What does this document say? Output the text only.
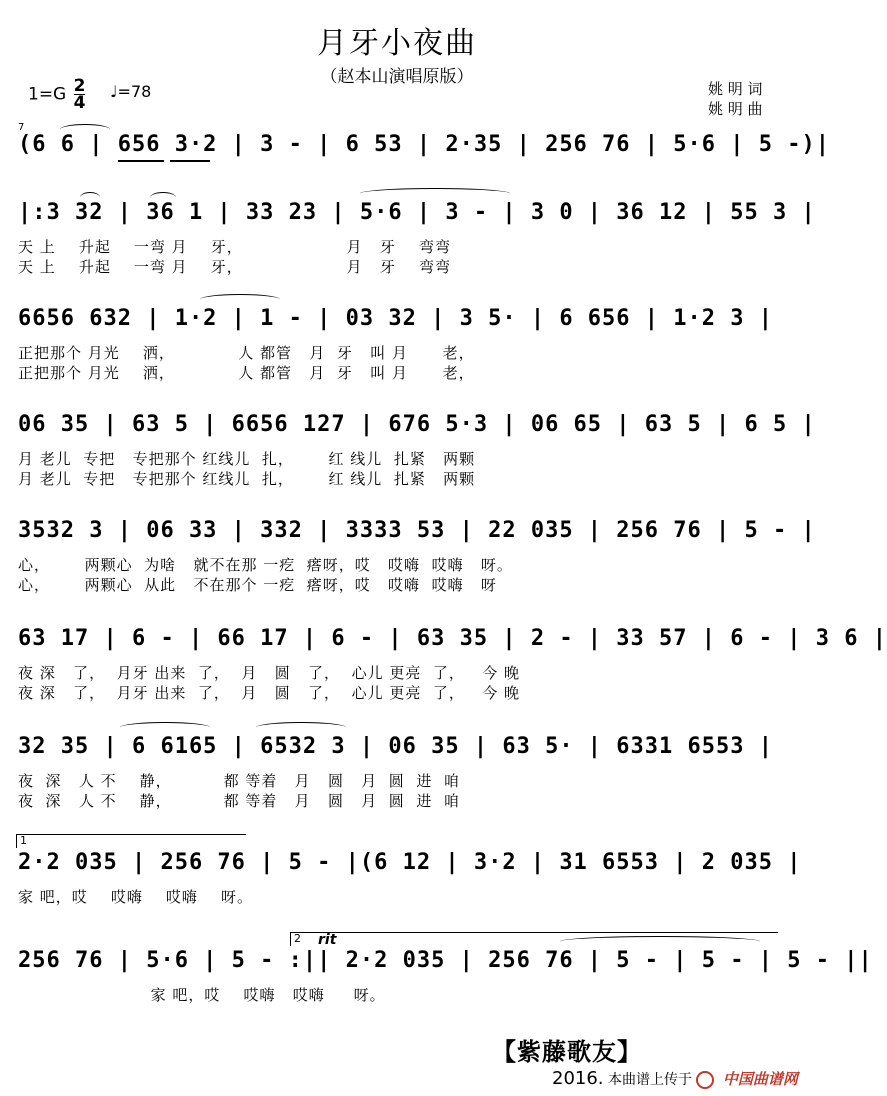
月牙小夜曲
（赵本山演唱原版）
$1=G \frac{2}{4}$ ♩=78	姚 明 词
姚 明 曲
7
(6 6 | 656 3·2 | 3 - | 6 53 | 2·35 | 256 76 | 5·6 | 5 -)|
|:3 32 | 36 1 | 33 23 | 5·6 | 3 - | 3 0 | 36 12 | 55 3 |
天 上    升起    一弯 月    牙，                  月   牙    弯弯
天 上    升起    一弯 月    牙，                  月   牙    弯弯
6656 632 | 1·2 | 1 - | 03 32 | 3 5· | 6 656 | 1·2 3 |
正把那个 月光    洒，           人 都管   月  牙   叫 月      老，
正把那个 月光    洒，           人 都管   月  牙   叫 月      老，
06 35 | 63 5 | 6656 127 | 676 5·3 | 06 65 | 63 5 | 6 5 |
月 老儿  专把   专把那个 红线儿  扎，      红 线儿  扎紧   两颗
月 老儿  专把   专把那个 红线儿  扎，      红 线儿  扎紧   两颗
3532 3 | 06 33 | 332 | 3333 53 | 22 035 | 256 76 | 5 - |
心，      两颗心  为啥   就不在那 一疙  瘩呀，哎   哎嗨  哎嗨   呀。
心，      两颗心  从此   不在那个 一疙  瘩呀，哎   哎嗨  哎嗨   呀
63 17 | 6 - | 66 17 | 6 - | 63 35 | 2 - | 33 57 | 6 - | 3 6 |
夜 深   了，  月牙 出来  了，  月   圆   了，  心儿 更亮  了，   今 晚
夜 深   了，  月牙 出来  了，  月   圆   了，  心儿 更亮  了，   今 晚
32 35 | 6 6165 | 6532 3 | 06 35 | 63 5· | 6331 6553 |
夜  深   人 不    静，         都 等着   月   圆   月  圆  进  咱
夜  深   人 不    静，         都 等着   月   圆   月  圆  进  咱
1
2·2 035 | 256 76 | 5 - |(6 12 | 3·2 | 31 6553 | 2 035 |
家 吧，哎    哎嗨    哎嗨    呀。
2 rit
256 76 | 5·6 | 5 - :|| 2·2 035 | 256 76 | 5 - | 5 - | 5 - ||
家 吧，哎    哎嗨   哎嗨     呀。
【紫藤歌友】
2016. 本曲谱上传于 中国曲谱网
